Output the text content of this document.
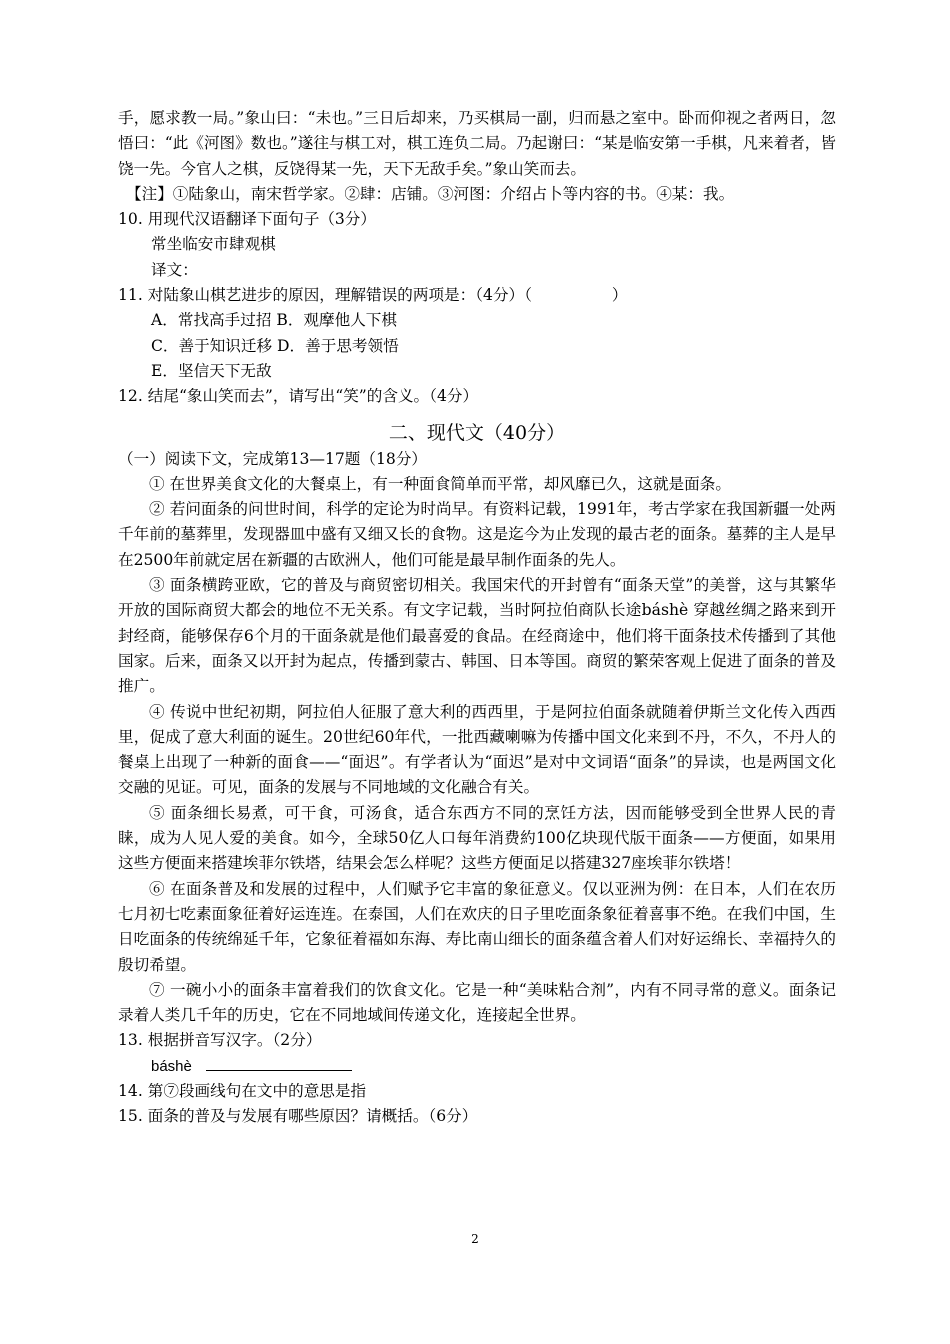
手，愿求教一局。”象山曰：“未也。”三日后却来，乃买棋局一副，归而悬之室中。卧而仰视之者两日，忽悟曰：“此《河图》数也。”遂往与棋工对，棋工连负二局。乃起谢曰：“某是临安第一手棋，凡来着者，皆饶一先。今官人之棋，反饶得某一先，天下无敌手矣。”象山笑而去。

【注】①陆象山，南宋哲学家。②肆：店铺。③河图：介绍占卜等内容的书。④某：我。

10. 用现代汉语翻译下面句子（3分）

常坐临安市肆观棋

译文：

11. 对陆象山棋艺进步的原因，理解错误的两项是：（4分）（	）

A．常找高手过招 B．观摩他人下棋

C．善于知识迁移 D．善于思考领悟

E．坚信天下无敌

12. 结尾“象山笑而去”，请写出“笑”的含义。（4分）

二、现代文（40分）

（一）阅读下文，完成第13—17题（18分）

① 在世界美食文化的大餐桌上，有一种面食简单而平常，却风靡已久，这就是面条。

② 若问面条的问世时间，科学的定论为时尚早。有资料记载，1991年，考古学家在我国新疆一处两千年前的墓葬里，发现器皿中盛有又细又长的食物。这是迄今为止发现的最古老的面条。墓葬的主人是早在2500年前就定居在新疆的古欧洲人，他们可能是最早制作面条的先人。

③ 面条横跨亚欧，它的普及与商贸密切相关。我国宋代的开封曾有“面条天堂”的美誉，这与其繁华开放的国际商贸大都会的地位不无关系。有文字记载，当时阿拉伯商队长途báshè 穿越丝绸之路来到开封经商，能够保存6个月的干面条就是他们最喜爱的食品。在经商途中，他们将干面条技术传播到了其他国家。后来，面条又以开封为起点，传播到蒙古、韩国、日本等国。商贸的繁荣客观上促进了面条的普及推广。

④ 传说中世纪初期，阿拉伯人征服了意大利的西西里，于是阿拉伯面条就随着伊斯兰文化传入西西里，促成了意大利面的诞生。20世纪60年代，一批西藏喇嘛为传播中国文化来到不丹，不久，不丹人的餐桌上出现了一种新的面食——“面迟”。有学者认为“面迟”是对中文词语“面条”的异读，也是两国文化交融的见证。可见，面条的发展与不同地域的文化融合有关。

⑤ 面条细长易煮，可干食，可汤食，适合东西方不同的烹饪方法，因而能够受到全世界人民的青睐，成为人见人爱的美食。如今，全球50亿人口每年消费約100亿块现代版干面条——方便面，如果用这些方便面来搭建埃菲尔铁塔，结果会怎么样呢？这些方便面足以搭建327座埃菲尔铁塔！

⑥ 在面条普及和发展的过程中，人们赋予它丰富的象征意义。仅以亚洲为例：在日本，人们在农历七月初七吃素面象征着好运连连。在泰国，人们在欢庆的日子里吃面条象征着喜事不绝。在我们中国，生日吃面条的传统绵延千年，它象征着福如东海、寿比南山细长的面条蕴含着人们对好运绵长、幸福持久的殷切希望。

⑦ 一碗小小的面条丰富着我们的饮食文化。它是一种“美味粘合剂”，内有不同寻常的意义。面条记录着人类几千年的历史，它在不同地域间传递文化，连接起全世界。

13. 根据拼音写汉字。（2分）

báshè

14. 第⑦段画线句在文中的意思是指

15. 面条的普及与发展有哪些原因？请概括。（6分）

2
